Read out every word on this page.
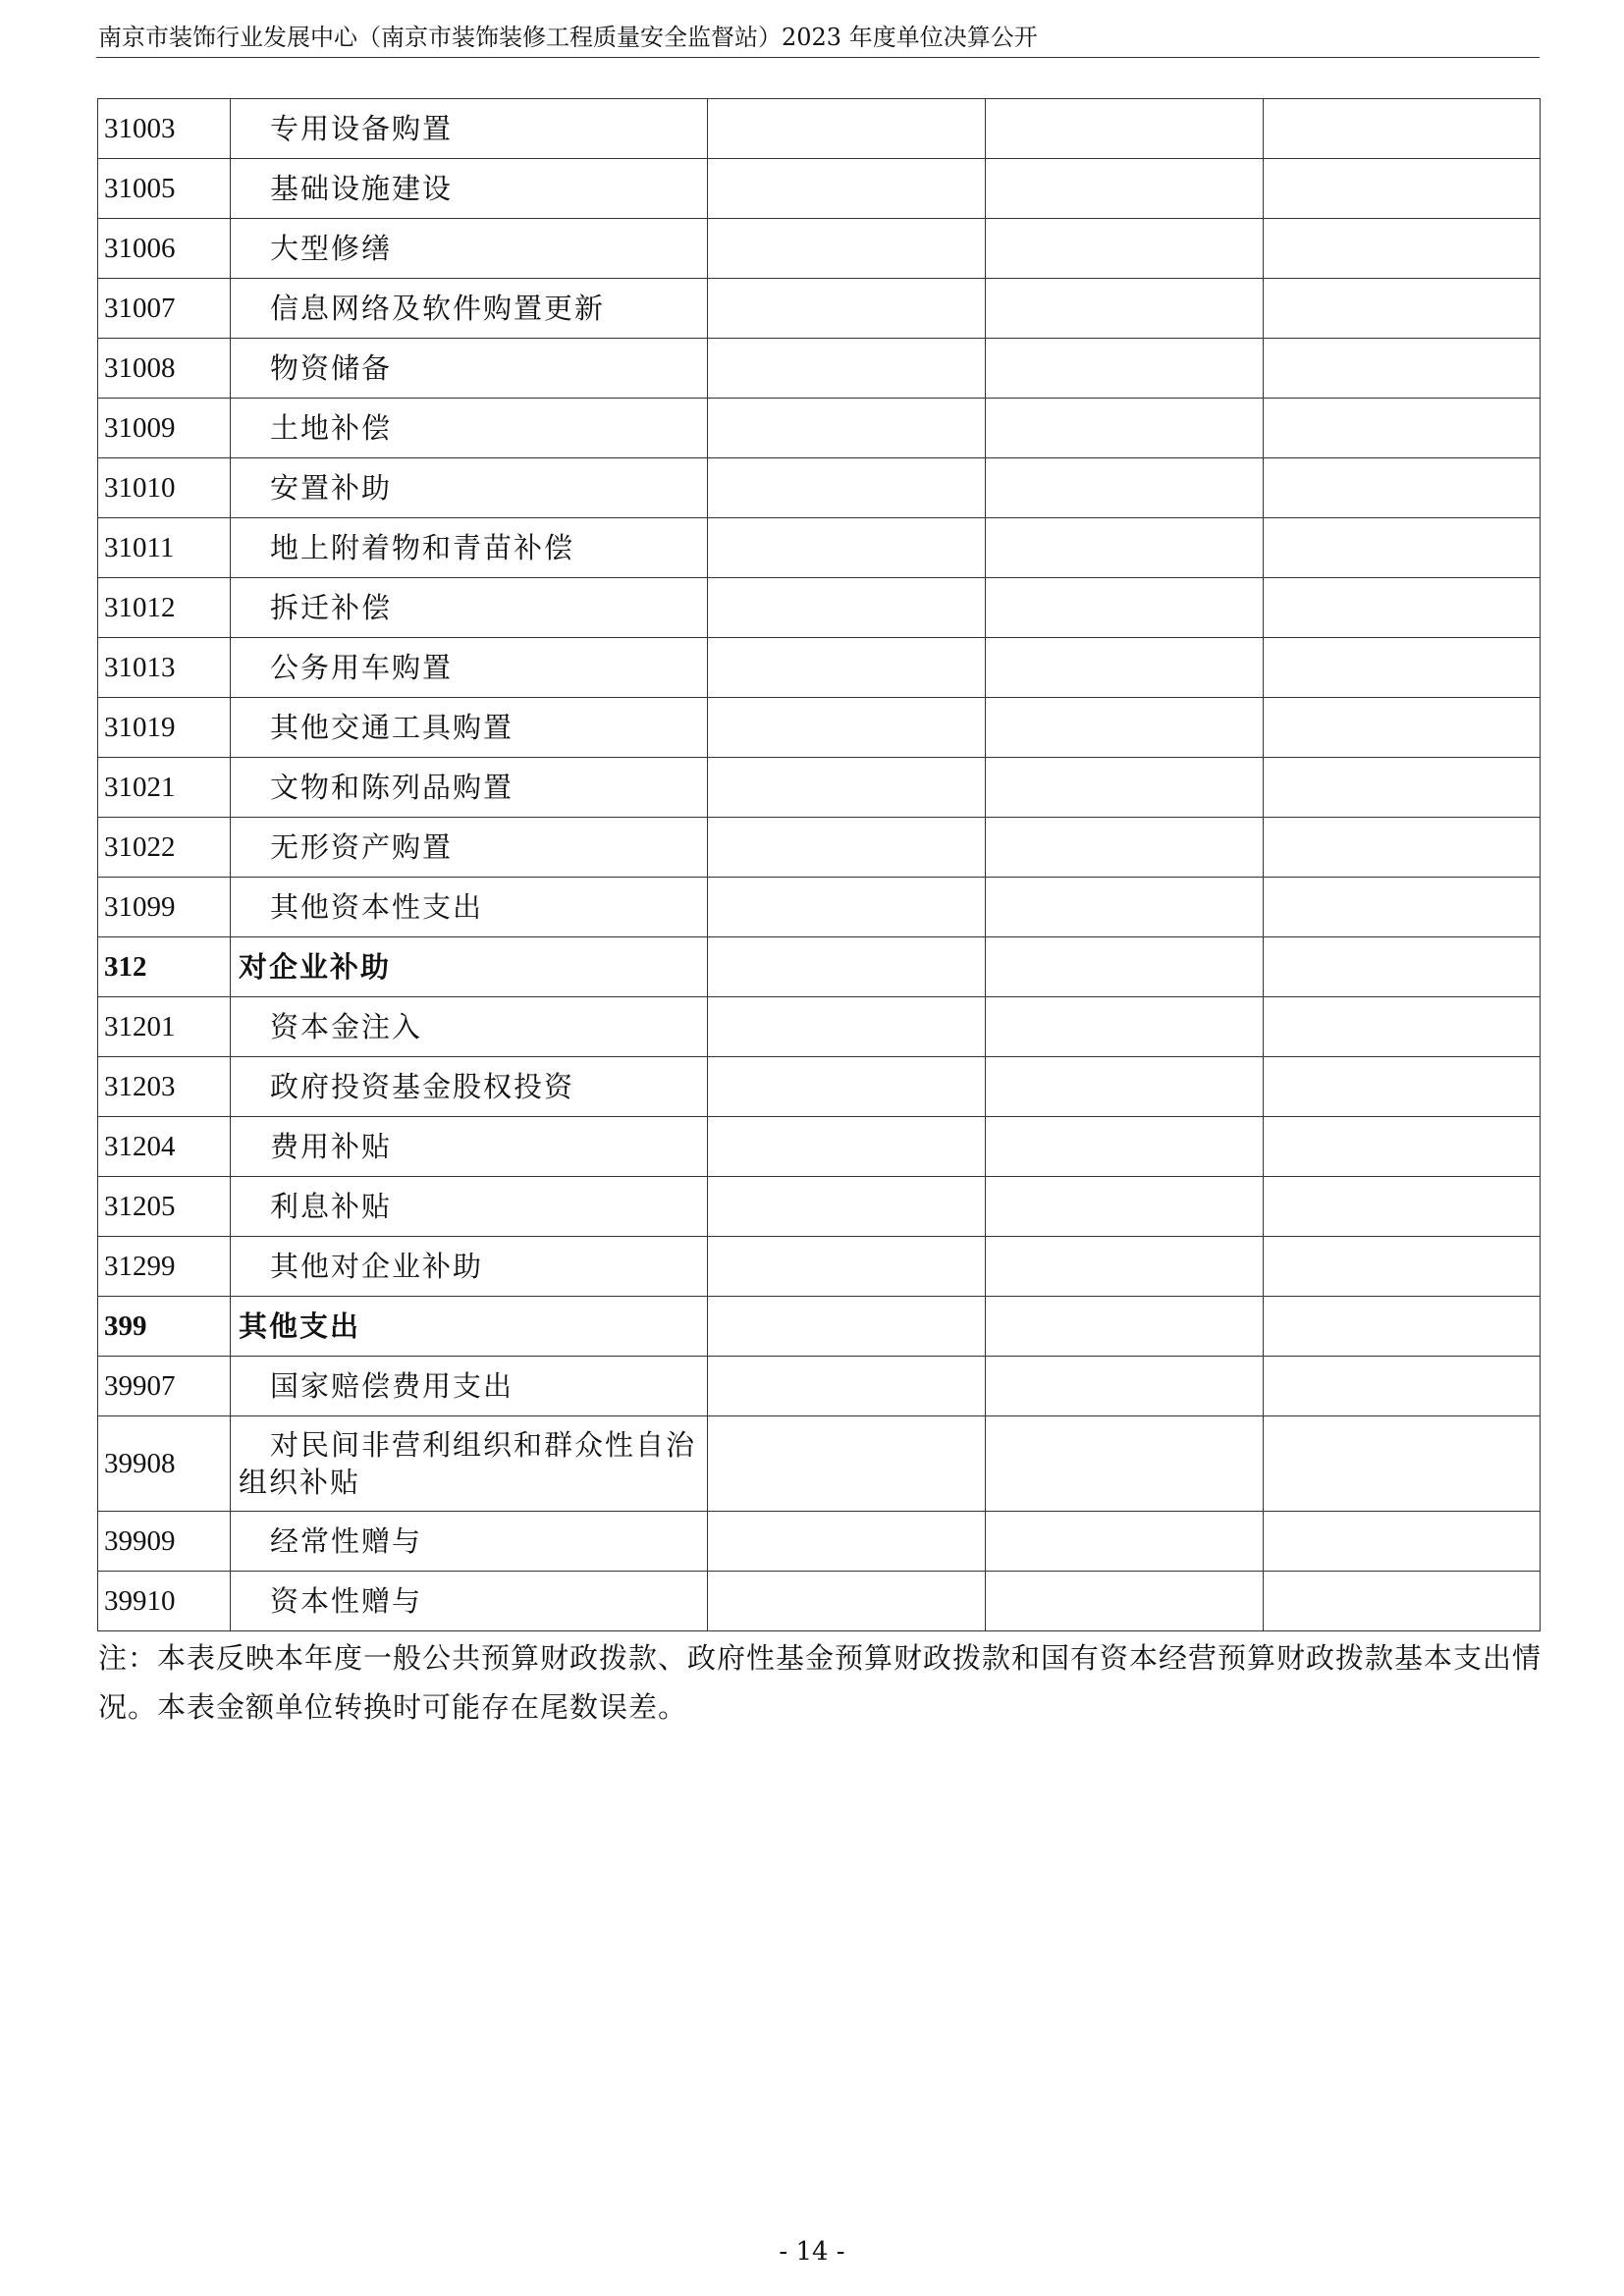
南京市装饰行业发展中心（南京市装饰装修工程质量安全监督站）2023 年度单位决算公开
31003	专用设备购置			
31005	基础设施建设			
31006	大型修缮			
31007	信息网络及软件购置更新			
31008	物资储备			
31009	土地补偿			
31010	安置补助			
31011	地上附着物和青苗补偿			
31012	拆迁补偿			
31013	公务用车购置			
31019	其他交通工具购置			
31021	文物和陈列品购置			
31022	无形资产购置			
31099	其他资本性支出			
312	对企业补助			
31201	资本金注入			
31203	政府投资基金股权投资			
31204	费用补贴			
31205	利息补贴			
31299	其他对企业补助			
399	其他支出			
39907	国家赔偿费用支出			
39908	对民间非营利组织和群众性自治组织补贴			
39909	经常性赠与			
39910	资本性赠与			
注：本表反映本年度一般公共预算财政拨款、政府性基金预算财政拨款和国有资本经营预算财政拨款基本支出情况。本表金额单位转换时可能存在尾数误差。
- 14 -
